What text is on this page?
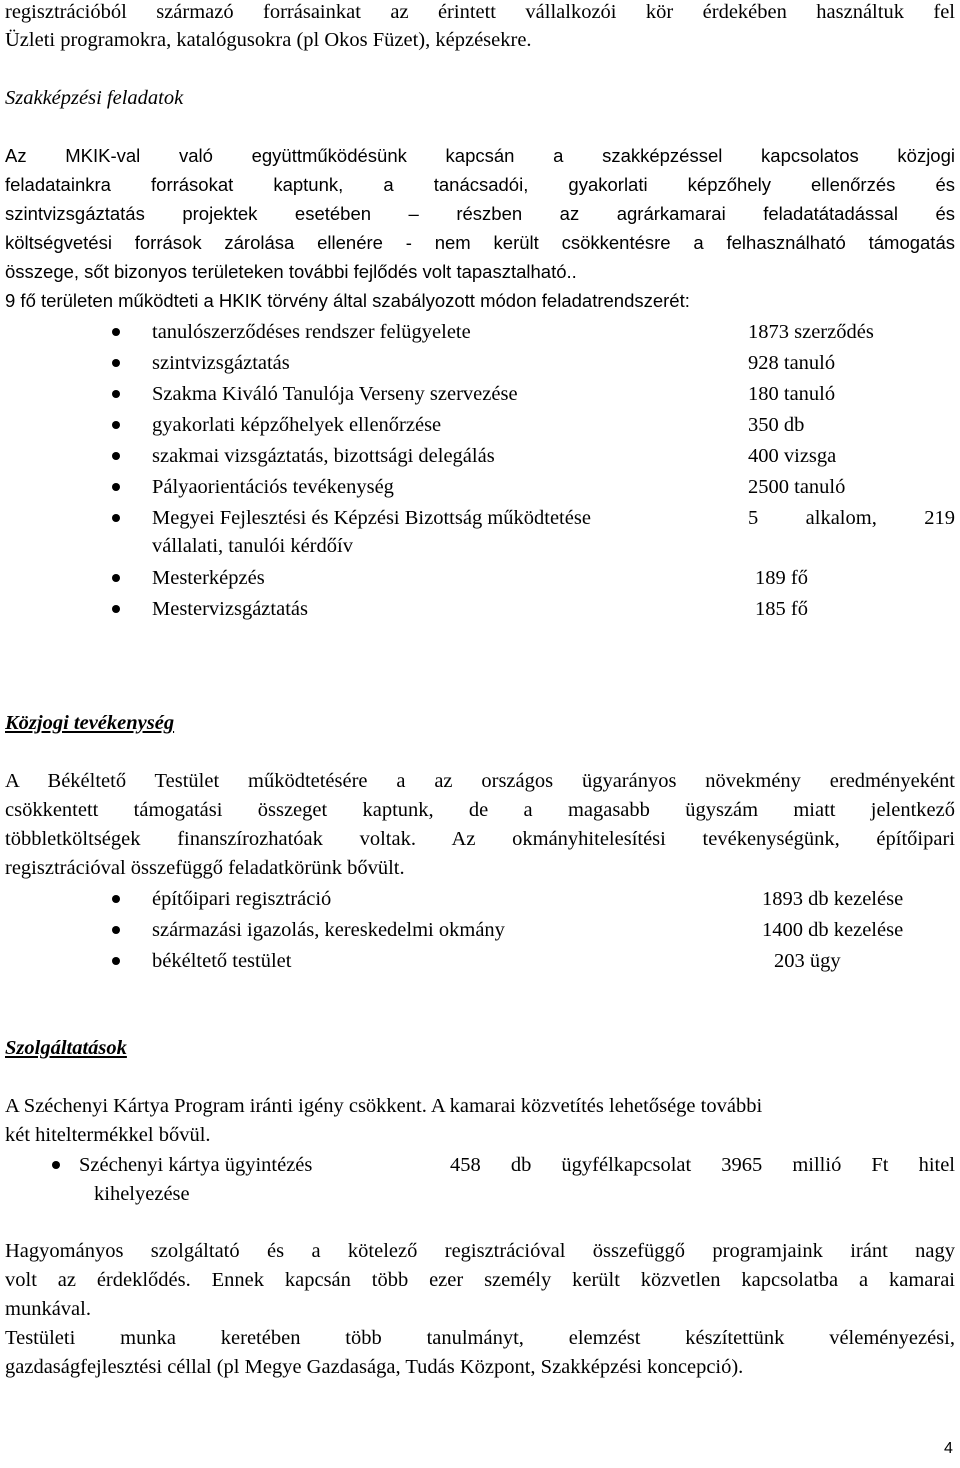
regisztrációból származó forrásainkat az érintett vállalkozói kör érdekében használtuk fel
Üzleti programokra, katalógusokra (pl Okos Füzet), képzésekre.
Szakképzési feladatok
Az MKIK-val való együttműködésünk kapcsán a szakképzéssel kapcsolatos közjogi
feladatainkra forrásokat kaptunk, a tanácsadói, gyakorlati képzőhely ellenőrzés és
szintvizsgáztatás projektek esetében – részben az agrárkamarai feladatátadással és
költségvetési források zárolása ellenére - nem került csökkentésre a felhasználható támogatás
összege, sőt bizonyos területeken további fejlődés volt tapasztalható..
9 fő területen működteti a HKIK törvény által szabályozott módon feladatrendszerét:
tanulószerződéses rendszer felügyelete	1873 szerződés
szintvizsgáztatás	928 tanuló
Szakma Kiváló Tanulója Verseny szervezése	180 tanuló
gyakorlati képzőhelyek ellenőrzése	350 db
szakmai vizsgáztatás, bizottsági delegálás	400 vizsga
Pályaorientációs tevékenység	2500 tanuló
Megyei Fejlesztési és Képzési Bizottság működtetése	5 alkalom, 219
vállalati, tanulói kérdőív
Mesterképzés	189 fő
Mestervizsgáztatás	185 fő
Közjogi tevékenység
A Békéltető Testület működtetésére a az országos ügyarányos növekmény eredményeként
csökkentett támogatási összeget kaptunk, de a magasabb ügyszám miatt jelentkező
többletköltségek finanszírozhatóak voltak. Az okmányhitelesítési tevékenységünk, építőipari
regisztrációval összefüggő feladatkörünk bővült.
építőipari regisztráció	1893 db kezelése
származási igazolás, kereskedelmi okmány	1400 db kezelése
békéltető testület	203 ügy
Szolgáltatások
A Széchenyi Kártya Program iránti igény csökkent. A kamarai közvetítés lehetősége további
két hiteltermékkel bővül.
Széchenyi kártya ügyintézés	458 db ügyfélkapcsolat 3965 millió Ft hitel
kihelyezése
Hagyományos szolgáltató és a kötelező regisztrációval összefüggő programjaink iránt nagy
volt az érdeklődés. Ennek kapcsán több ezer személy került közvetlen kapcsolatba a kamarai
munkával.
Testületi munka keretében több tanulmányt, elemzést készítettünk véleményezési,
gazdaságfejlesztési céllal (pl Megye Gazdasága, Tudás Központ, Szakképzési koncepció).
4
